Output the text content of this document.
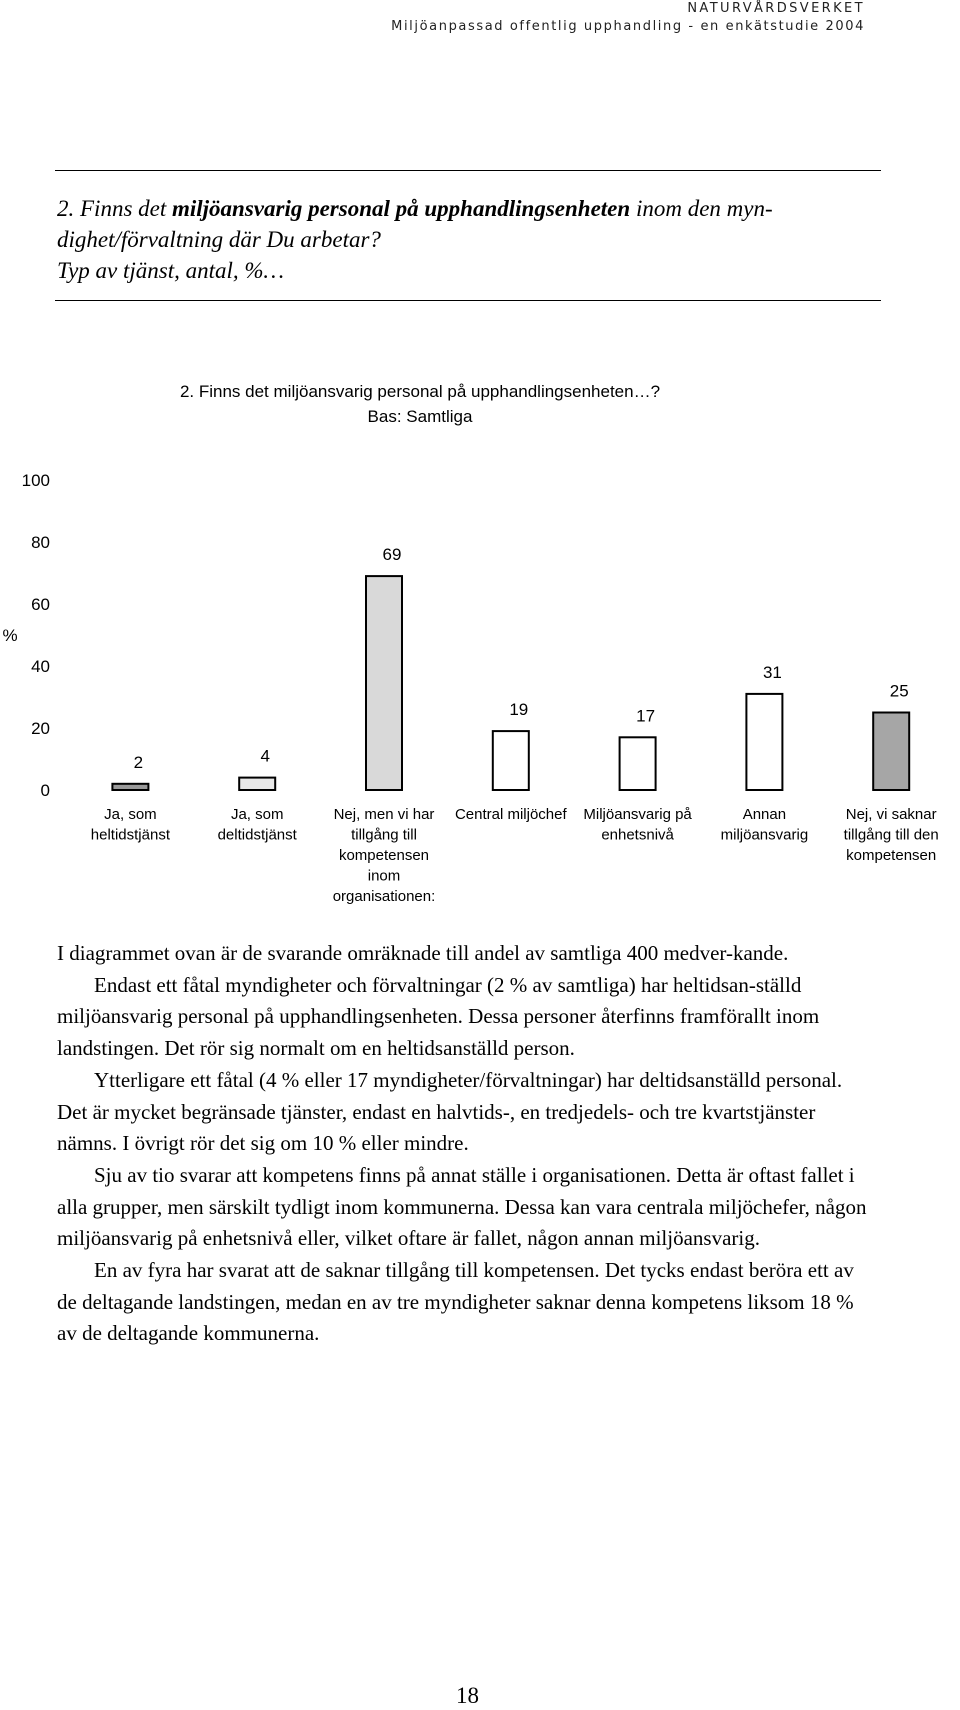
NATURVÅRDSVERKET
Miljöanpassad offentlig upphandling - en enkätstudie 2004
2. Finns det miljöansvarig personal på upphandlingsenheten inom den myn-
dighet/förvaltning där Du arbetar?
Typ av tjänst, antal, %…
2. Finns det miljöansvarig personal på upphandlingsenheten…?
Bas: Samtliga
%
0
20
40
60
80
100
2
Ja, som
heltidstjänst
4
Ja, som
deltidstjänst
69
Nej, men vi har
tillgång till
kompetensen
inom
organisationen:
19
Central miljöchef
17
Miljöansvarig på
enhetsnivå
31
Annan
miljöansvarig
25
Nej, vi saknar
tillgång till den
kompetensen

I diagrammet ovan är de svarande omräknade till andel av samtliga 400 medver-kande.

Endast ett fåtal myndigheter och förvaltningar (2 % av samtliga) har heltidsan-ställd miljöansvarig personal på upphandlingsenheten. Dessa personer återfinns framförallt inom landstingen. Det rör sig normalt om en heltidsanställd person.

Ytterligare ett fåtal (4 % eller 17 myndigheter/förvaltningar) har deltidsanställd personal. Det är mycket begränsade tjänster, endast en halvtids-, en tredjedels- och tre kvartstjänster nämns. I övrigt rör det sig om 10 % eller mindre.

Sju av tio svarar att kompetens finns på annat ställe i organisationen. Detta är oftast fallet i alla grupper, men särskilt tydligt inom kommunerna. Dessa kan vara centrala miljöchefer, någon miljöansvarig på enhetsnivå eller, vilket oftare är fallet, någon annan miljöansvarig.

En av fyra har svarat att de saknar tillgång till kompetensen. Det tycks endast beröra ett av de deltagande landstingen, medan en av tre myndigheter saknar denna kompetens liksom 18 % av de deltagande kommunerna.

18
